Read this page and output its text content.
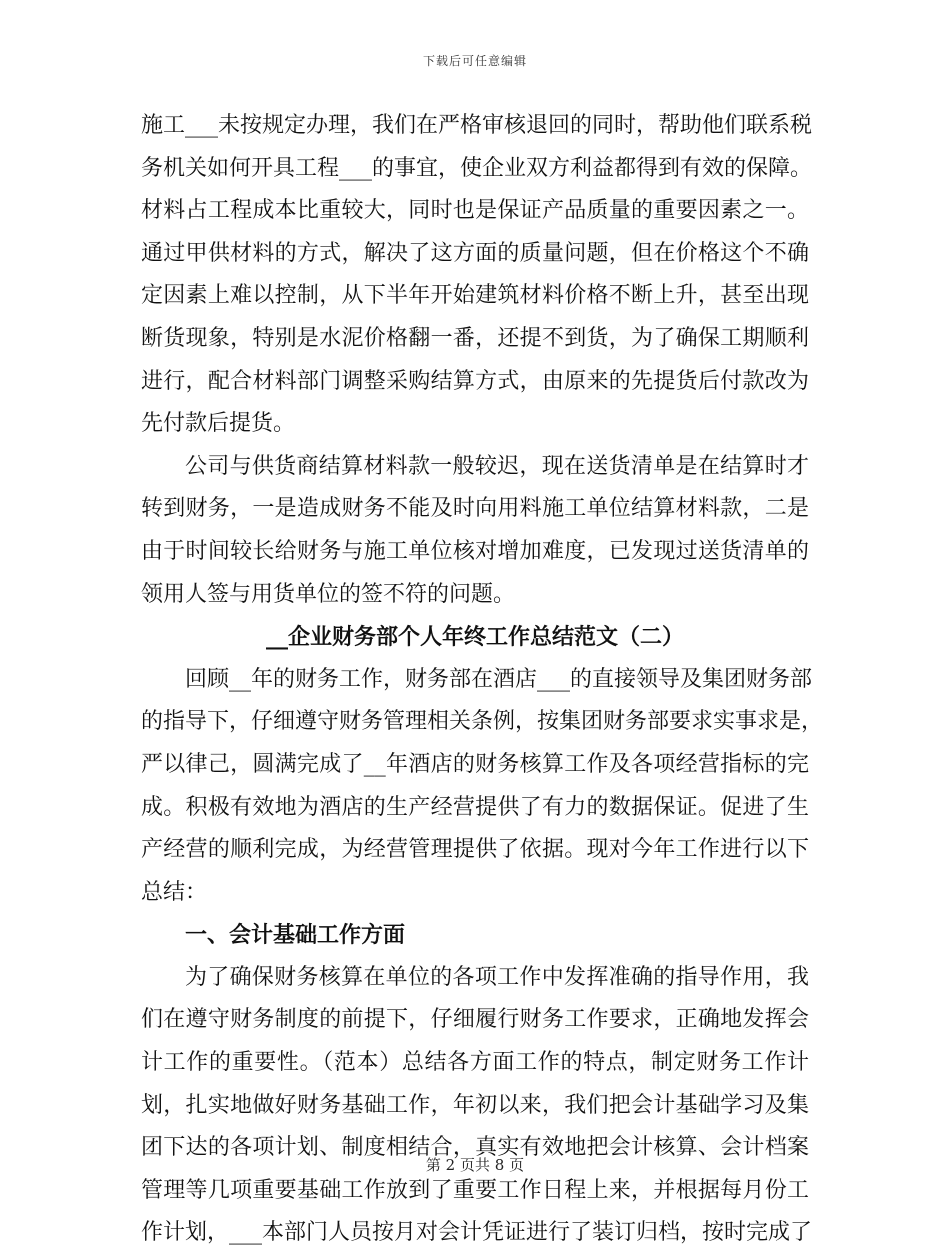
下载后可任意编辑
施工___未按规定办理，我们在严格审核退回的同时，帮助他们联系税
务机关如何开具工程___的事宜，使企业双方利益都得到有效的保障。
材料占工程成本比重较大，同时也是保证产品质量的重要因素之一。
通过甲供材料的方式，解决了这方面的质量问题，但在价格这个不确
定因素上难以控制，从下半年开始建筑材料价格不断上升，甚至出现
断货现象，特别是水泥价格翻一番，还提不到货，为了确保工期顺利
进行，配合材料部门调整采购结算方式，由原来的先提货后付款改为
先付款后提货。
公司与供货商结算材料款一般较迟，现在送货清单是在结算时才
转到财务，一是造成财务不能及时向用料施工单位结算材料款，二是
由于时间较长给财务与施工单位核对增加难度，已发现过送货清单的
领用人签与用货单位的签不符的问题。
__企业财务部个人年终工作总结范文（二）
回顾__年的财务工作，财务部在酒店___的直接领导及集团财务部
的指导下，仔细遵守财务管理相关条例，按集团财务部要求实事求是，
严以律己，圆满完成了__年酒店的财务核算工作及各项经营指标的完
成。积极有效地为酒店的生产经营提供了有力的数据保证。促进了生
产经营的顺利完成，为经营管理提供了依据。现对今年工作进行以下
总结：
一、会计基础工作方面
为了确保财务核算在单位的各项工作中发挥准确的指导作用，我
们在遵守财务制度的前提下，仔细履行财务工作要求，正确地发挥会
计工作的重要性。（范本）总结各方面工作的特点，制定财务工作计
划，扎实地做好财务基础工作，年初以来，我们把会计基础学习及集
团下达的各项计划、制度相结合，真实有效地把会计核算、会计档案
管理等几项重要基础工作放到了重要工作日程上来，并根据每月份工
作计划，___本部门人员按月对会计凭证进行了装订归档，按时完成了
第 2 页共 8 页
